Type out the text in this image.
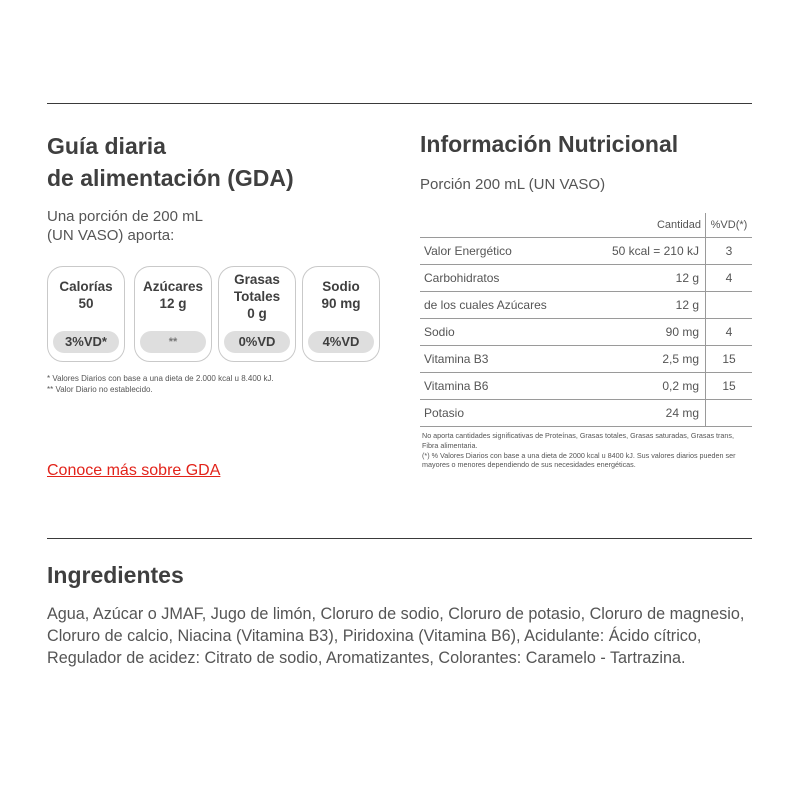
Guía diaria
de alimentación (GDA)
Una porción de 200 mL
(UN VASO) aporta:
Calorías
50
3%VD*
Azúcares
12 g
**
Grasas
Totales
0 g
0%VD
Sodio
90 mg
4%VD
* Valores Diarios con base a una dieta de 2.000 kcal u 8.400 kJ.
** Valor Diario no establecido.
Conoce más sobre GDA
Información Nutricional
Porción 200 mL (UN VASO)
	Cantidad	%VD(*)
Valor Energético	50 kcal = 210 kJ	3
Carbohidratos	12 g	4
de los cuales Azúcares	12 g	
Sodio	90 mg	4
Vitamina B3	2,5 mg	15
Vitamina B6	0,2 mg	15
Potasio	24 mg	
No aporta cantidades significativas de Proteínas, Grasas totales, Grasas saturadas, Grasas trans, Fibra alimentaria.
(*) % Valores Diarios con base a una dieta de 2000 kcal u 8400 kJ. Sus valores diarios pueden ser mayores o menores dependiendo de sus necesidades energéticas.
Ingredientes
Agua, Azúcar o JMAF, Jugo de limón, Cloruro de sodio, Cloruro de potasio, Cloruro de magnesio, Cloruro de calcio, Niacina (Vitamina B3), Piridoxina (Vitamina B6), Acidulante: Ácido cítrico, Regulador de acidez: Citrato de sodio, Aromatizantes, Colorantes: Caramelo - Tartrazina.
